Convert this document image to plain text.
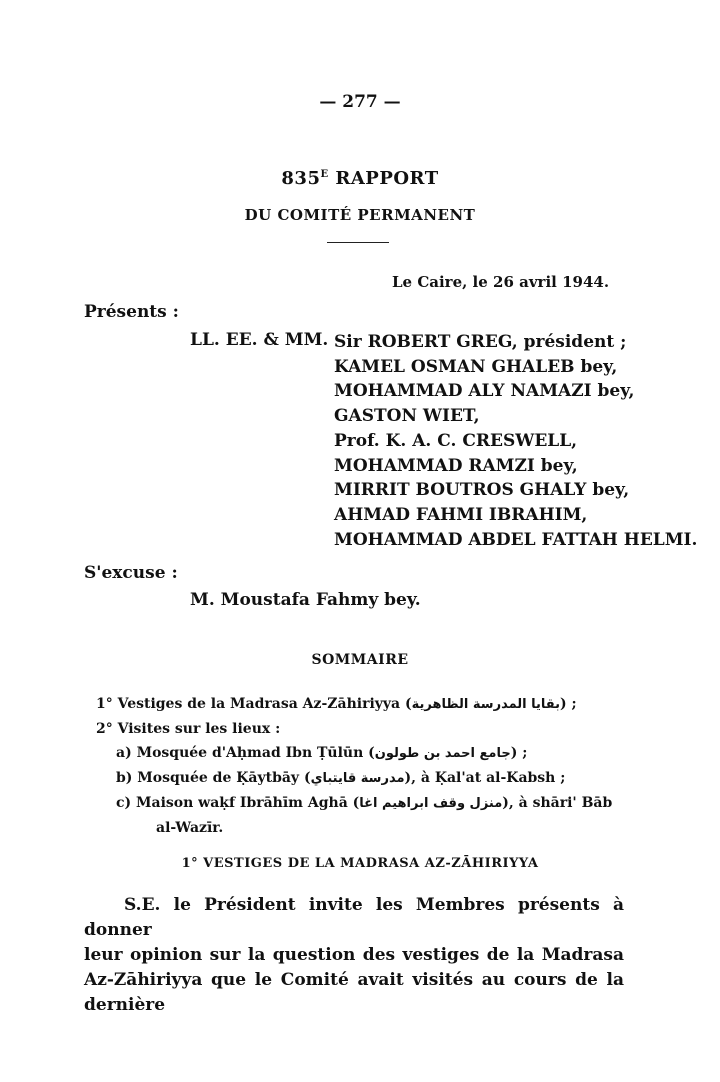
— 277 —
$835^E$ RAPPORT
DU COMITÉ PERMANENT
Le Caire, le 26 avril 1944.
Présents :
LL. EE. & MM. Sir ROBERT GREG, président ;
KAMEL OSMAN GHALEB bey,
MOHAMMAD ALY NAMAZI bey,
GASTON WIET,
Prof. K. A. C. CRESWELL,
MOHAMMAD RAMZI bey,
MIRRIT BOUTROS GHALY bey,
AHMAD FAHMI IBRAHIM,
MOHAMMAD ABDEL FATTAH HELMI.
S'excuse :
M. Moustafa Fahmy bey.
SOMMAIRE
1° Vestiges de la Madrasa Az-Zāhiriyya (بقايا المدرسة الظاهرية) ;
2° Visites sur les lieux :
a) Mosquée d'Aḥmad Ibn Ṭūlūn (جامع احمد بن طولون) ;
b) Mosquée de Ḳāytbāy (مدرسة قايتباي), à Ḳal'at al-Kabsh ;
c) Maison waḳf Ibrāhīm Aghā (منزل وقف ابراهيم اغا), à shāri' Bāb
al-Wazīr.
1° VESTIGES DE LA MADRASA AZ-ZĀHIRIYYA

S.E. le Président invite les Membres présents à donner
leur opinion sur la question des vestiges de la Madrasa
Az-Zāhiriyya que le Comité avait visités au cours de la dernière
